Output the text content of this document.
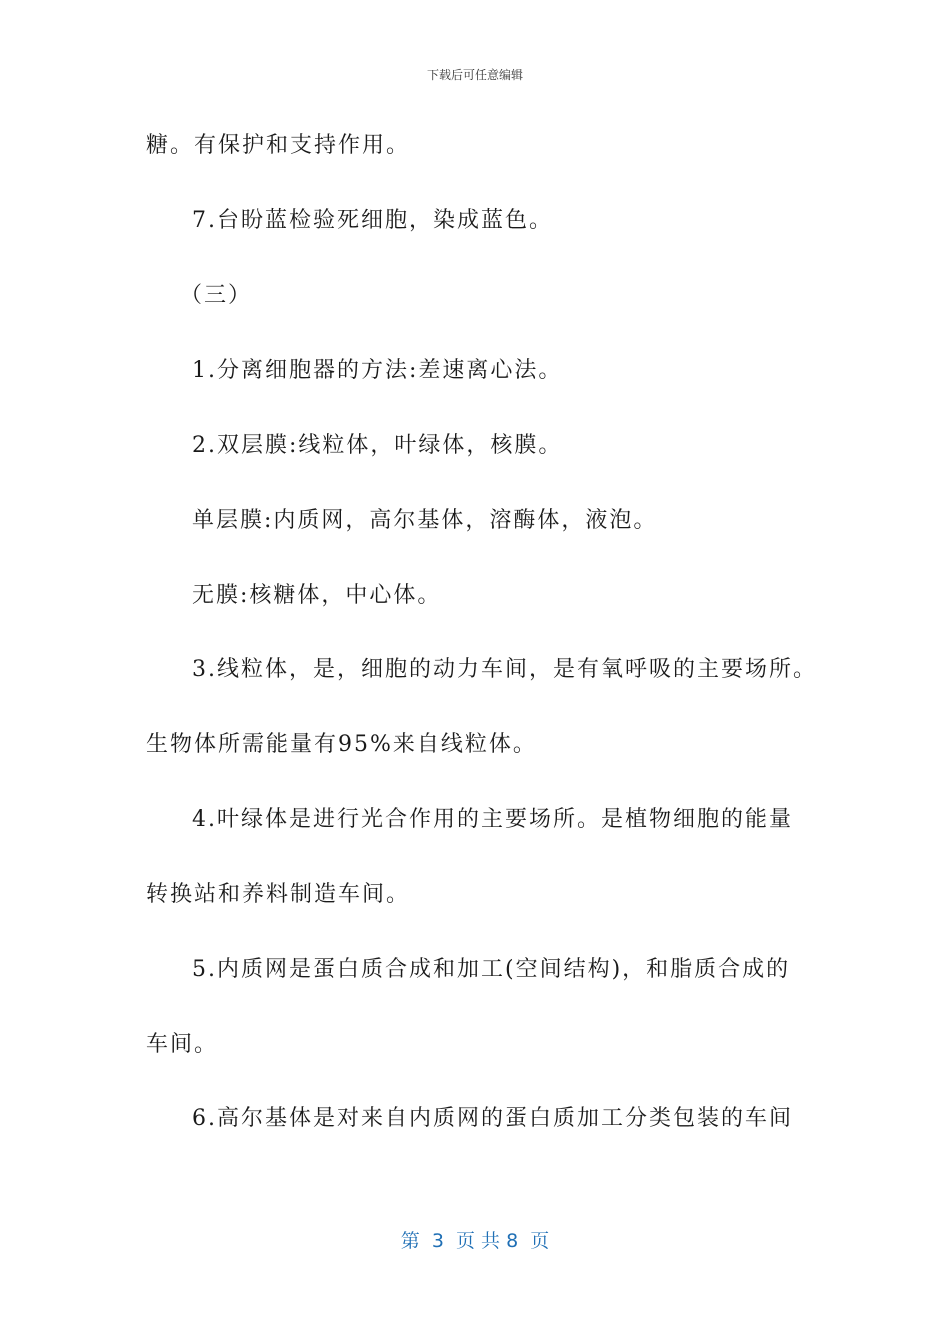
下载后可任意编辑
糖。有保护和支持作用。
7.台盼蓝检验死细胞，染成蓝色。
（三）
1.分离细胞器的方法:差速离心法。
2.双层膜:线粒体，叶绿体，核膜。
单层膜:内质网，高尔基体，溶酶体，液泡。
无膜:核糖体，中心体。
3.线粒体，是，细胞的动力车间，是有氧呼吸的主要场所。
生物体所需能量有95%来自线粒体。
4.叶绿体是进行光合作用的主要场所。是植物细胞的能量
转换站和养料制造车间。
5.内质网是蛋白质合成和加工(空间结构)，和脂质合成的
车间。
6.高尔基体是对来自内质网的蛋白质加工分类包装的车间
第  3  页 共 8  页
